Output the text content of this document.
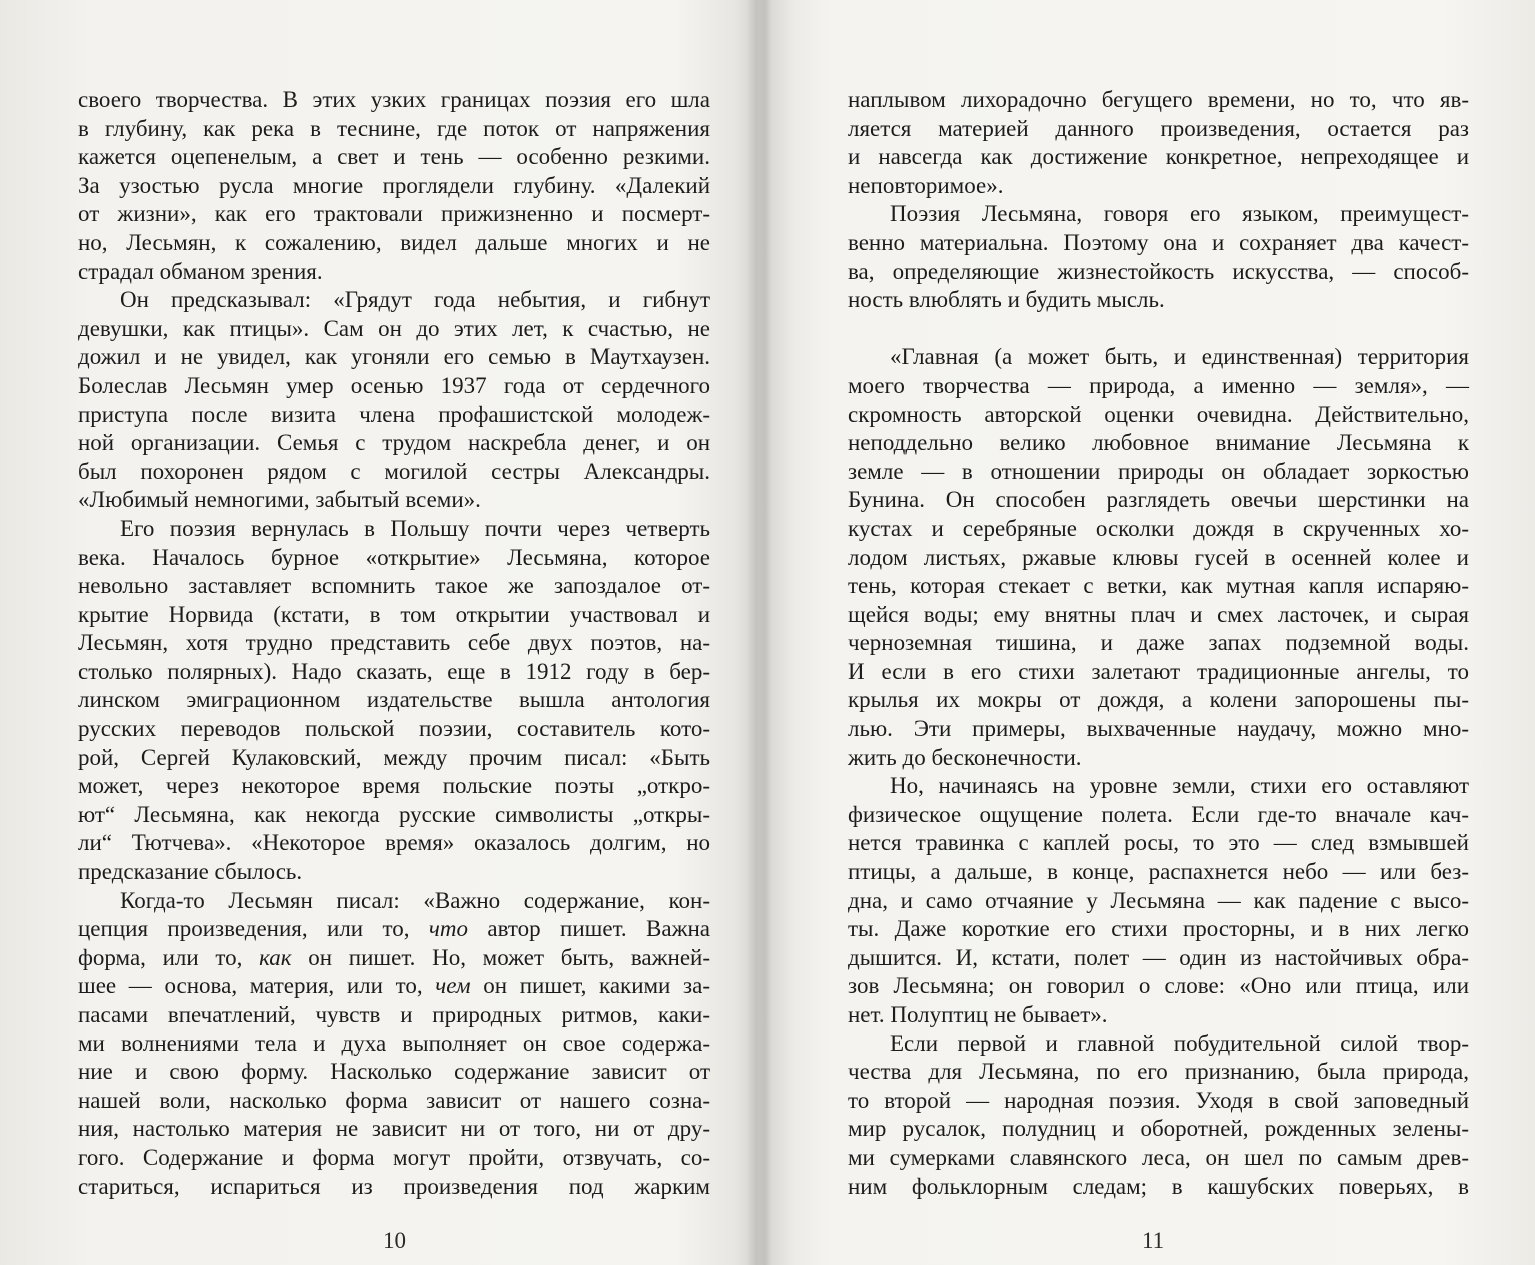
своего творчества. В этих узких границах поэзия его шла
в глубину, как река в теснине, где поток от напряжения
кажется оцепенелым, а свет и тень — особенно резкими.
За узостью русла многие проглядели глубину. «Далекий
от жизни», как его трактовали прижизненно и посмерт-
но, Лесьмян, к сожалению, видел дальше многих и не
страдал обманом зрения.
Он предсказывал: «Грядут года небытия, и гибнут
девушки, как птицы». Сам он до этих лет, к счастью, не
дожил и не увидел, как угоняли его семью в Маутхаузен.
Болеслав Лесьмян умер осенью 1937 года от сердечного
приступа после визита члена профашистской молодеж-
ной организации. Семья с трудом наскребла денег, и он
был похоронен рядом с могилой сестры Александры.
«Любимый немногими, забытый всеми».
Его поэзия вернулась в Польшу почти через четверть
века. Началось бурное «открытие» Лесьмяна, которое
невольно заставляет вспомнить такое же запоздалое от-
крытие Норвида (кстати, в том открытии участвовал и
Лесьмян, хотя трудно представить себе двух поэтов, на-
столько полярных). Надо сказать, еще в 1912 году в бер-
линском эмиграционном издательстве вышла антология
русских переводов польской поэзии, составитель кото-
рой, Сергей Кулаковский, между прочим писал: «Быть
может, через некоторое время польские поэты „откро-
ют“ Лесьмяна, как некогда русские символисты „откры-
ли“ Тютчева». «Некоторое время» оказалось долгим, но
предсказание сбылось.
Когда-то Лесьмян писал: «Важно содержание, кон-
цепция произведения, или то, что автор пишет. Важна
форма, или то, как он пишет. Но, может быть, важней-
шее — основа, материя, или то, чем он пишет, какими за-
пасами впечатлений, чувств и природных ритмов, каки-
ми волнениями тела и духа выполняет он свое содержа-
ние и свою форму. Насколько содержание зависит от
нашей воли, насколько форма зависит от нашего созна-
ния, настолько материя не зависит ни от того, ни от дру-
гого. Содержание и форма могут пройти, отзвучать, со-
стариться, испариться из произведения под жарким
10
наплывом лихорадочно бегущего времени, но то, что яв-
ляется материей данного произведения, остается раз
и навсегда как достижение конкретное, непреходящее и
неповторимое».
Поэзия Лесьмяна, говоря его языком, преимущест-
венно материальна. Поэтому она и сохраняет два качест-
ва, определяющие жизнестойкость искусства, — способ-
ность влюблять и будить мысль.
«Главная (а может быть, и единственная) территория
моего творчества — природа, а именно — земля», —
скромность авторской оценки очевидна. Действительно,
неподдельно велико любовное внимание Лесьмяна к
земле — в отношении природы он обладает зоркостью
Бунина. Он способен разглядеть овечьи шерстинки на
кустах и серебряные осколки дождя в скрученных хо-
лодом листьях, ржавые клювы гусей в осенней колее и
тень, которая стекает с ветки, как мутная капля испаряю-
щейся воды; ему внятны плач и смех ласточек, и сырая
черноземная тишина, и даже запах подземной воды.
И если в его стихи залетают традиционные ангелы, то
крылья их мокры от дождя, а колени запорошены пы-
лью. Эти примеры, выхваченные наудачу, можно мно-
жить до бесконечности.
Но, начинаясь на уровне земли, стихи его оставляют
физическое ощущение полета. Если где-то вначале кач-
нется травинка с каплей росы, то это — след взмывшей
птицы, а дальше, в конце, распахнется небо — или без-
дна, и само отчаяние у Лесьмяна — как падение с высо-
ты. Даже короткие его стихи просторны, и в них легко
дышится. И, кстати, полет — один из настойчивых обра-
зов Лесьмяна; он говорил о слове: «Оно или птица, или
нет. Полуптиц не бывает».
Если первой и главной побудительной силой твор-
чества для Лесьмяна, по его признанию, была природа,
то второй — народная поэзия. Уходя в свой заповедный
мир русалок, полудниц и оборотней, рожденных зелены-
ми сумерками славянского леса, он шел по самым древ-
ним фольклорным следам; в кашубских поверьях, в
11
